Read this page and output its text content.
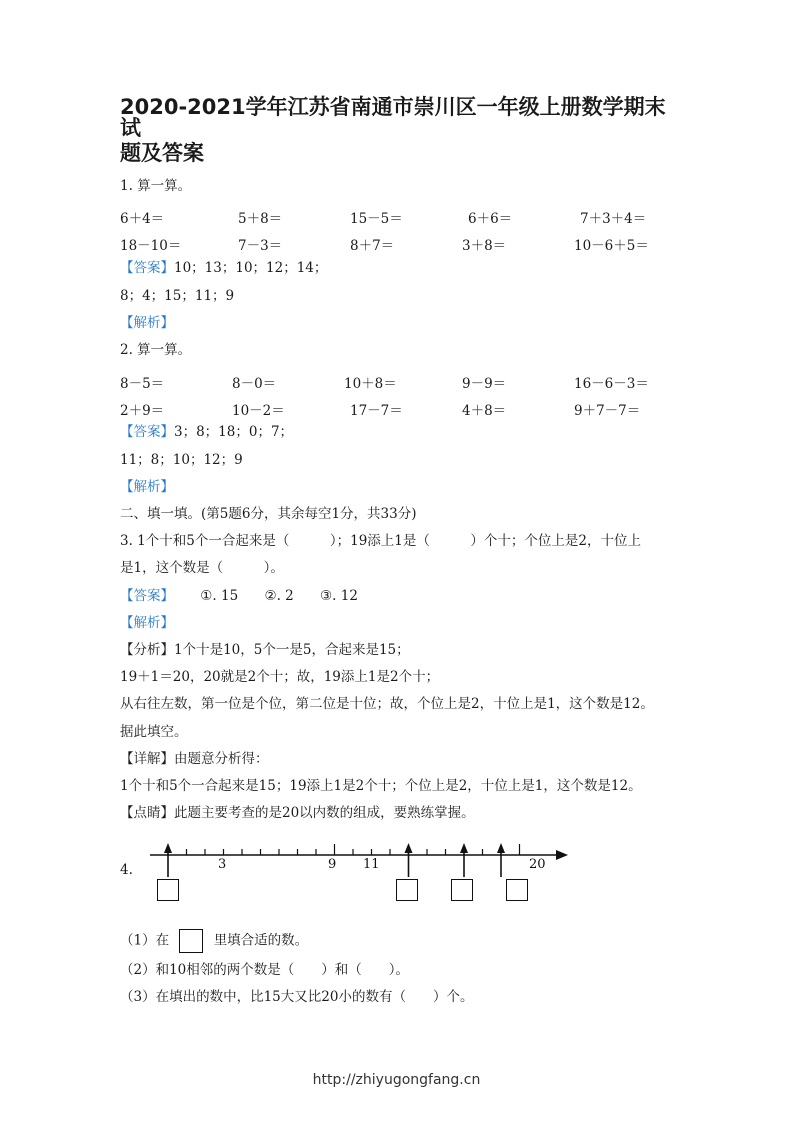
2020-2021学年江苏省南通市崇川区一年级上册数学期末试
题及答案
1. 算一算。
6＋4＝	5＋8＝	15－5＝	6＋6＝	7＋3＋4＝
18－10＝	7－3＝	8＋7＝	3＋8＝	10－6＋5＝
【答案】10；13；10；12；14；
8；4；15；11；9
【解析】
2. 算一算。
8－5＝	8－0＝	10＋8＝	9－9＝	16－6－3＝
2＋9＝	10－2＝	17－7＝	4＋8＝	9＋7－7＝
【答案】3；8；18；0；7；
11；8；10；12；9
【解析】
二、填一填。(第5题6分，其余每空1分，共33分)
3. 1个十和5个一合起来是（　　　）；19添上1是（　　　）个十；个位上是2，十位上
是1，这个数是（　　　）。
【答案】 ①. 15 ②. 2 ③. 12
【解析】
【分析】1个十是10，5个一是5，合起来是15；
19＋1＝20，20就是2个十；故，19添上1是2个十；
从右往左数，第一位是个位，第二位是十位；故，个位上是2，十位上是1，这个数是12。
据此填空。
【详解】由题意分析得：
1个十和5个一合起来是15；19添上1是2个十；个位上是2，十位上是1，这个数是12。
【点睛】此题主要考查的是20以内数的组成，要熟练掌握。
4.	3	9 11	20
（1）在	里填合适的数。
（2）和10相邻的两个数是（　　）和（　　）。
（3）在填出的数中，比15大又比20小的数有（　　）个。
http://zhiyugongfang.cn
